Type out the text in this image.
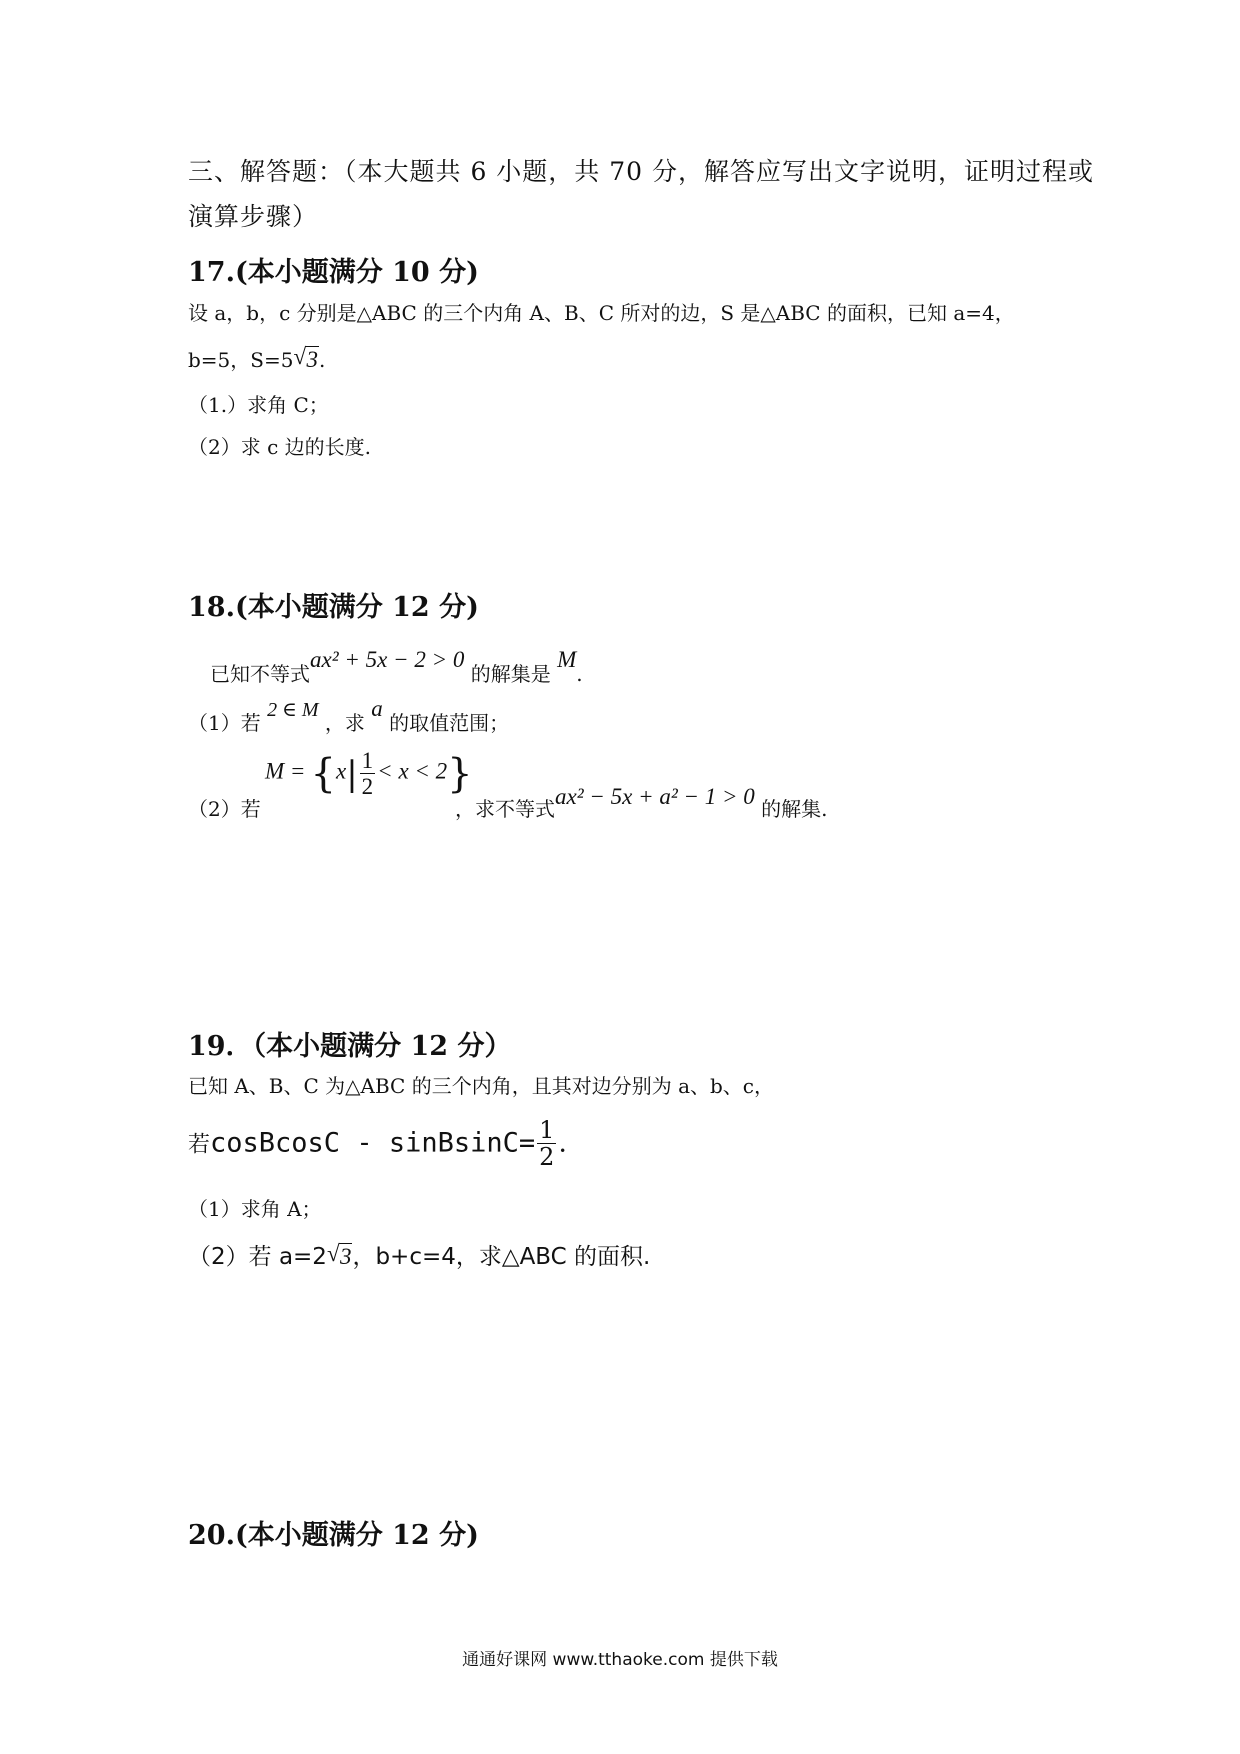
三、解答题：（本大题共 6 小题，共 70 分，解答应写出文字说明，证明过程或
演算步骤）
17.(本小题满分 10 分)
设 a，b，c 分别是△ABC 的三个内角 A、B、C 所对的边，S 是△ABC 的面积，已知 a=4，
b=5，S=5 √ 3.
（1.）求角 C；
（2）求 c 边的长度.
18.(本小题满分 12 分)
已知不等式ax² + 5x − 2 > 0 的解集是 M.
（1）若 2 ∈ M ，求 a 的取值范围；
$M = \{x| \frac{1}{2} < x < 2\}$
（2）若	，求不等式ax² − 5x + a² − 1 > 0 的解集.
19．（本小题满分 12 分）
已知 A、B、C 为△ABC 的三个内角，且其对边分别为 a、b、c，
若cosBcosC - sinBsinC= $\frac{1}{2}$ .
（1）求角 A；
（2）若 a=2 √ 3，b+c=4，求△ABC 的面积.
20.(本小题满分 12 分)
通通好课网 www.tthaoke.com 提供下载
